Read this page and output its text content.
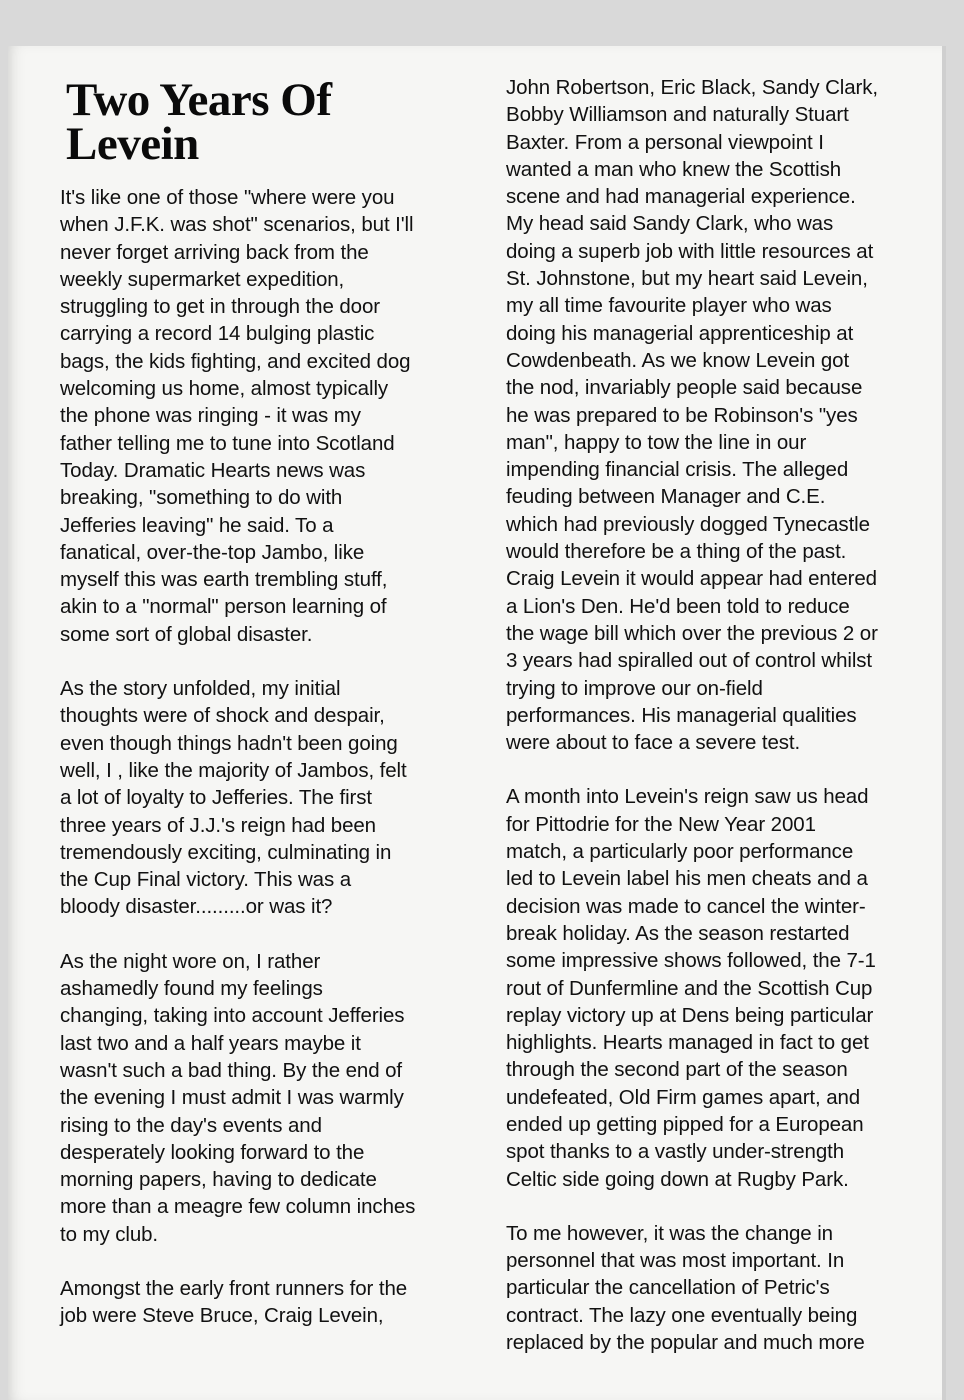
Two Years Of
Levein
It's like one of those "where were you
when J.F.K. was shot" scenarios, but I'll
never forget arriving back from the
weekly supermarket expedition,
struggling to get in through the door
carrying a record 14 bulging plastic
bags, the kids fighting, and excited dog
welcoming us home, almost typically
the phone was ringing - it was my
father telling me to tune into Scotland
Today. Dramatic Hearts news was
breaking, "something to do with
Jefferies leaving" he said. To a
fanatical, over-the-top Jambo, like
myself this was earth trembling stuff,
akin to a "normal" person learning of
some sort of global disaster.
As the story unfolded, my initial
thoughts were of shock and despair,
even though things hadn't been going
well, I , like the majority of Jambos, felt
a lot of loyalty to Jefferies. The first
three years of J.J.'s reign had been
tremendously exciting, culminating in
the Cup Final victory. This was a
bloody disaster.........or was it?
As the night wore on, I rather
ashamedly found my feelings
changing, taking into account Jefferies
last two and a half years maybe it
wasn't such a bad thing. By the end of
the evening I must admit I was warmly
rising to the day's events and
desperately looking forward to the
morning papers, having to dedicate
more than a meagre few column inches
to my club.
Amongst the early front runners for the
job were Steve Bruce, Craig Levein,
John Robertson, Eric Black, Sandy Clark,
Bobby Williamson and naturally Stuart
Baxter. From a personal viewpoint I
wanted a man who knew the Scottish
scene and had managerial experience.
My head said Sandy Clark, who was
doing a superb job with little resources at
St. Johnstone, but my heart said Levein,
my all time favourite player who was
doing his managerial apprenticeship at
Cowdenbeath. As we know Levein got
the nod, invariably people said because
he was prepared to be Robinson's "yes
man", happy to tow the line in our
impending financial crisis. The alleged
feuding between Manager and C.E.
which had previously dogged Tynecastle
would therefore be a thing of the past.
Craig Levein it would appear had entered
a Lion's Den. He'd been told to reduce
the wage bill which over the previous 2 or
3 years had spiralled out of control whilst
trying to improve our on-field
performances. His managerial qualities
were about to face a severe test.
A month into Levein's reign saw us head
for Pittodrie for the New Year 2001
match, a particularly poor performance
led to Levein label his men cheats and a
decision was made to cancel the winter-
break holiday. As the season restarted
some impressive shows followed, the 7-1
rout of Dunfermline and the Scottish Cup
replay victory up at Dens being particular
highlights. Hearts managed in fact to get
through the second part of the season
undefeated, Old Firm games apart, and
ended up getting pipped for a European
spot thanks to a vastly under-strength
Celtic side going down at Rugby Park.
To me however, it was the change in
personnel that was most important. In
particular the cancellation of Petric's
contract. The lazy one eventually being
replaced by the popular and much more
